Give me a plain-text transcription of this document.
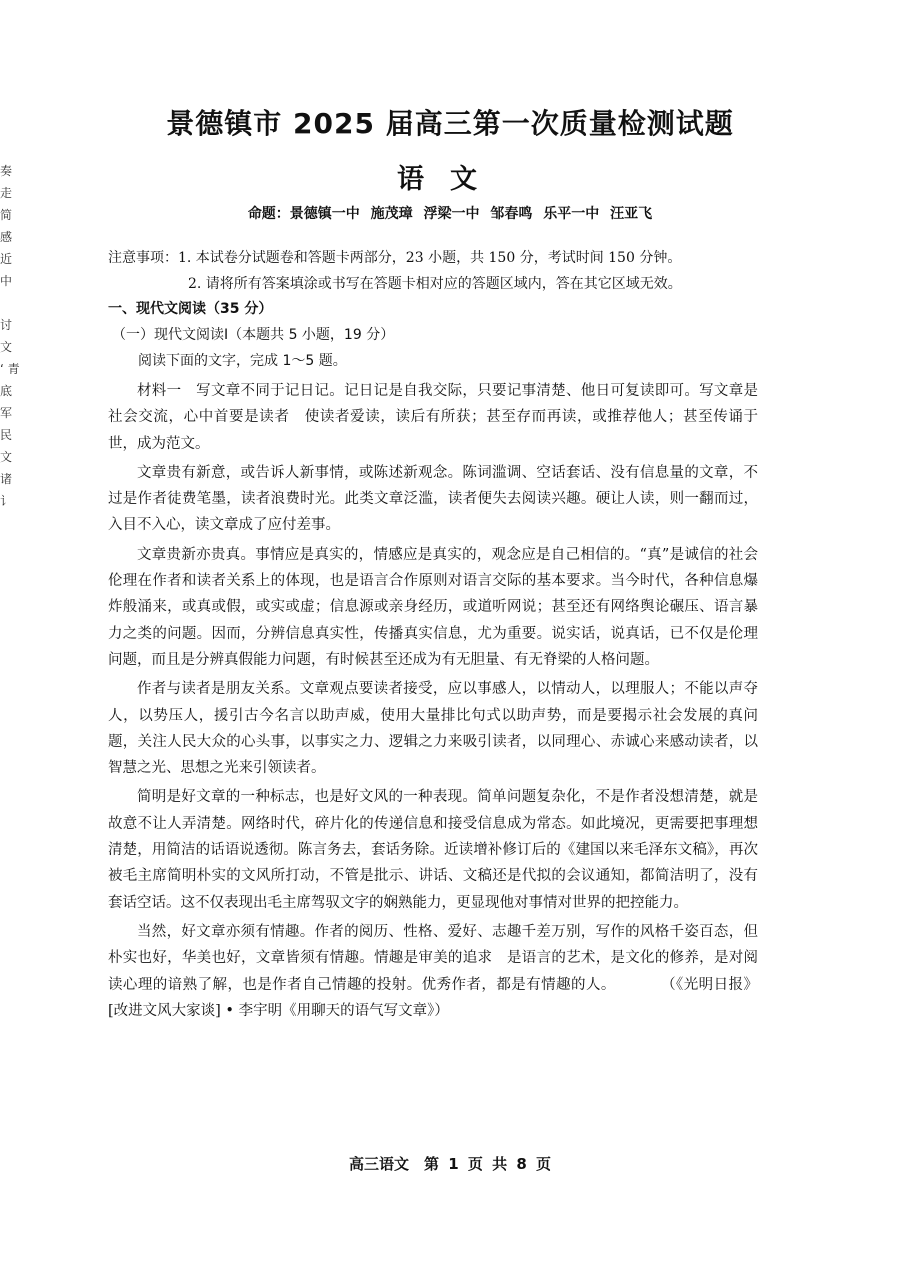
奏 走
简 感
近 中

讨 文
‘ 青
底
军
民
文
诸
讠
景德镇市 2025 届高三第一次质量检测试题
语文
命题：景德镇一中 施茂璋 浮梁一中 邹春鸣 乐平一中 汪亚飞

注意事项：1. 本试卷分试题卷和答题卡两部分，23 小题，共 150 分，考试时间 150 分钟。

2. 请将所有答案填涂或书写在答题卡相对应的答题区域内，答在其它区域无效。

一、现代文阅读（35 分）
（一）现代文阅读Ⅰ（本题共 5 小题，19 分）
阅读下面的文字，完成 1～5 题。

材料一　写文章不同于记日记。记日记是自我交际，只要记事清楚、他日可复读即可。写文章是社会交流，心中首要是读者　使读者爱读，读后有所获；甚至存而再读，或推荐他人；甚至传诵于世，成为范文。

文章贵有新意，或告诉人新事情，或陈述新观念。陈词滥调、空话套话、没有信息量的文章，不过是作者徒费笔墨，读者浪费时光。此类文章泛滥，读者便失去阅读兴趣。硬让人读，则一翻而过，入目不入心，读文章成了应付差事。

文章贵新亦贵真。事情应是真实的，情感应是真实的，观念应是自己相信的。“真”是诚信的社会伦理在作者和读者关系上的体现，也是语言合作原则对语言交际的基本要求。当今时代，各种信息爆炸般涌来，或真或假，或实或虚；信息源或亲身经历，或道听网说；甚至还有网络舆论碾压、语言暴力之类的问题。因而，分辨信息真实性，传播真实信息，尤为重要。说实话，说真话，已不仅是伦理问题，而且是分辨真假能力问题，有时候甚至还成为有无胆量、有无脊梁的人格问题。

作者与读者是朋友关系。文章观点要读者接受，应以事感人，以情动人，以理服人；不能以声夺人，以势压人，援引古今名言以助声威，使用大量排比句式以助声势，而是要揭示社会发展的真问题，关注人民大众的心头事，以事实之力、逻辑之力来吸引读者，以同理心、赤诚心来感动读者，以智慧之光、思想之光来引领读者。

简明是好文章的一种标志，也是好文风的一种表现。简单问题复杂化，不是作者没想清楚，就是故意不让人弄清楚。网络时代，碎片化的传递信息和接受信息成为常态。如此境况，更需要把事理想清楚，用简洁的话语说透彻。陈言务去，套话务除。近读增补修订后的《建国以来毛泽东文稿》，再次被毛主席简明朴实的文风所打动，不管是批示、讲话、文稿还是代拟的会议通知，都简洁明了，没有套话空话。这不仅表现出毛主席驾驭文字的娴熟能力，更显现他对事情对世界的把控能力。

当然，好文章亦须有情趣。作者的阅历、性格、爱好、志趣千差万别，写作的风格千姿百态，但朴实也好，华美也好，文章皆须有情趣。情趣是审美的追求　是语言的艺术，是文化的修养，是对阅读心理的谙熟了解，也是作者自己情趣的投射。优秀作者，都是有情趣的人。　　　　（《光明日报》[改进文风大家谈] • 李宇明《用聊天的语气写文章》）

高三语文　第 1 页 共 8 页
